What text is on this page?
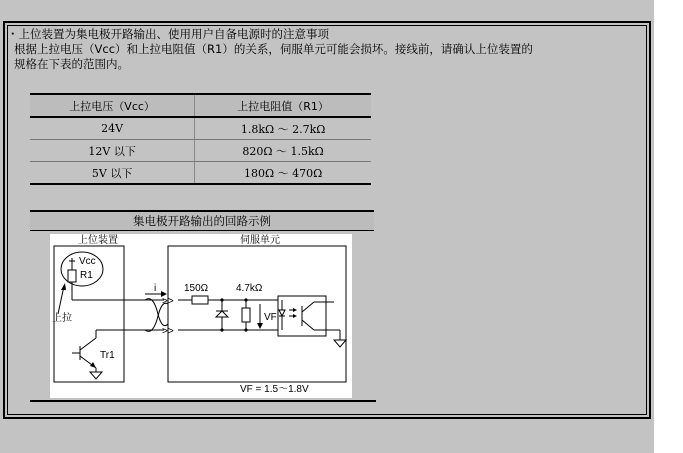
・上位装置为集电极开路输出、使用用户自备电源时的注意事项
根据上拉电压（Vcc）和上拉电阻值（R1）的关系，伺服单元可能会损坏。接线前，请确认上位装置的
规格在下表的范围内。
上拉电压（Vcc）	上拉电阻值（R1）
24V	1.8kΩ ～ 2.7kΩ
12V 以下	820Ω ～ 1.5kΩ
5V 以下	180Ω ～ 470Ω
集电极开路输出的回路示例
上位装置	伺服单元
Vcc
R1
上拉
i
>>
>>
Tr1
150Ω	4.7kΩ
VF
VF = 1.5～1.8V
